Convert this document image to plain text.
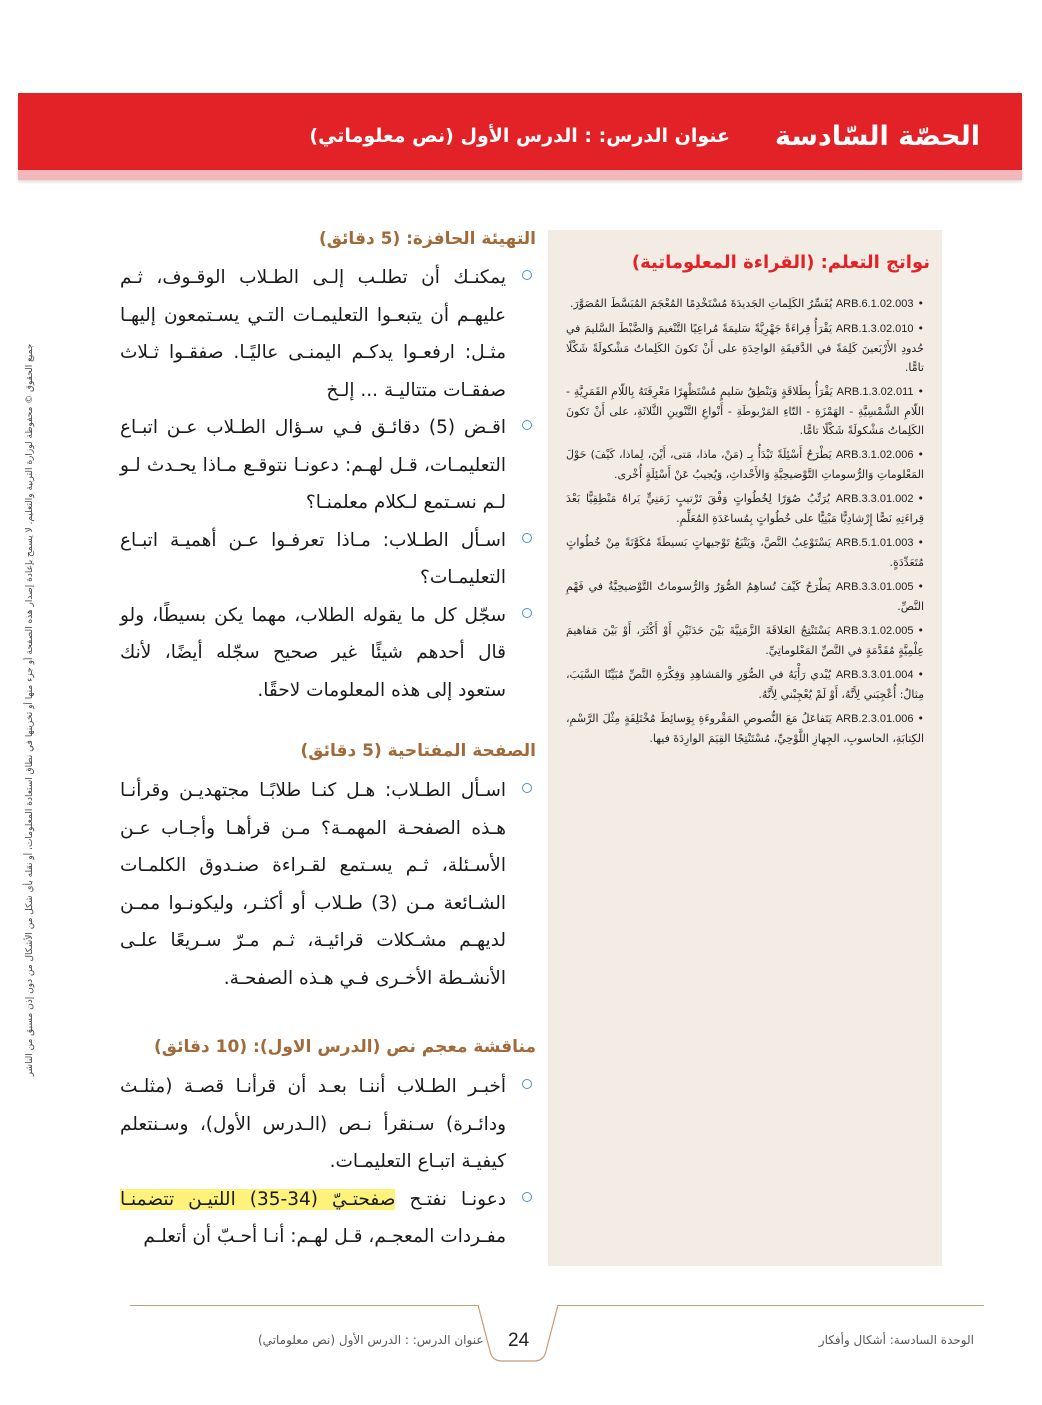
الحصّة السّادسة
عنوان الدرس: : الدرس الأول (نص معلوماتي)
جميع الحقوق © محفوظة لوزارة التربية والتعليم. لا يسمح بإعادة إصدار هذه الصفحة أو جزء منها أو تخزينها في نطاق استعادة المعلومات، أو نقله بأي شكل من الأشكال من دون إذن مسبق من الناشر
نواتج التعلم: (القراءة المعلوماتية)
•ARB.6.1.02.003 يُفَسِّرُ الكَلِماتِ الجَديدَةَ مُسْتَخْدِمًا المُعْجَمَ المُبَسَّطَ المُصَوَّرَ.
•ARB.1.3.02.010 يَقْرَأُ قِراءَةً جَهْرِيَّةً سَليمَةً مُراعِيًا التَّنْغيمَ وَالضَّبْطَ السَّليمَ في حُدودِ الأَرْبَعينَ كَلِمَةً في الدَّقيقَةِ الواحِدَةِ على أَنْ تَكونَ الكَلِماتُ مَشْكولَةً شَكْلًا تامًّا.
•ARB.1.3.02.011 يَقْرَأُ بِطَلاقَةٍ وَيَنْطِقُ سَليمٍ مُسْتَظْهِرًا مَعْرِفَتَهُ بِاللّامِ القَمَرِيَّةِ - اللّامِ الشَّمْسِيَّةِ - الهَمْزَةِ - التّاءِ المَرْبوطَةِ - أَنْواعِ التَّنْوينِ الثَّلاثَةِ، على أَنْ تَكونَ الكَلِماتُ مَشْكولَةً شَكْلًا تامًّا.
•ARB.3.1.02.006 يَطْرَحُ أَسْئِلَةً تَبْدَأُ بِـ (مَنْ، ماذا، مَتى، أَيْنَ، لِماذا، كَيْفَ) حَوْلَ المَعْلوماتِ وَالرُّسوماتِ التَّوْضيحِيَّةِ وَالأَحْداثِ، وَيُجيبُ عَنْ أَسْئِلَةٍ أُخْرى.
•ARB.3.3.01.002 يُرَتِّبُ صُوَرًا لِخُطُواتٍ وَفْقَ تَرْتيبٍ زَمَنِيٍّ يَراهُ مَنْطِقِيًّا بَعْدَ قِراءَتِهِ نَصًّا إِرْشادِيًّا مَبْنِيًّا على خُطُواتٍ بِمُساعَدَةِ المُعَلِّمِ.
•ARB.5.1.01.003 يَسْتَوْعِبُ النَّصَّ، وَيَتْبَعُ تَوْجيهاتٍ بَسيطَةً مُكَوَّنَةً مِنْ خُطُواتٍ مُتَعَدِّدَةٍ.
•ARB.3.3.01.005 يَطْرَحُ كَيْفَ تُساهِمُ الصُّوَرُ وَالرُّسوماتُ التَّوْضيحِيَّةُ في فَهْمِ النَّصِّ.
•ARB.3.1.02.005 يَسْتَنْتِجُ العَلاقَةَ الزَّمَنِيَّةَ بَيْنَ حَدَثَيْنِ أَوْ أَكْثَرَ، أَوْ بَيْنَ مَفاهيمَ عِلْمِيَّةٍ مُقَدَّمَةٍ في النَّصِّ المَعْلوماتِيِّ.
•ARB.3.3.01.004 يُبْدي رَأْيَهُ في الصُّوَرِ وَالمَشاهِدِ وَفِكْرَةِ النَّصِّ مُبَيِّنًا السَّبَبَ، مِثالٌ: أُعْجِبَني لِأَنَّهُ، أَوْ لَمْ يُعْجِبْني لِأَنَّهُ.
•ARB.2.3.01.006 يَتَفاعَلُ مَعَ النُّصوصِ المَقْروءَةِ بِوَسائِطَ مُخْتَلِفَةٍ مِثْلَ الرَّسْمِ، الكِتابَةِ، الحاسوبِ، الجِهازِ اللَّوْحِيِّ، مُسْتَنْتِجًا القِيَمَ الوارِدَةَ فيها.
التهيئة الحافزة: (5 دقائق)
يمكنـك أن تطلـب إلـى الطـلاب الوقـوف، ثـم عليهـم أن يتبعـوا التعليمـات التـي يسـتمعون إليهـا مثـل: ارفعـوا يدكـم اليمنـى عاليًـا. صفقـوا ثـلاث صفقـات متتاليـة ... إلـخ
اقـض (5) دقائـق فـي سـؤال الطـلاب عـن اتبـاع التعليمـات، قـل لهـم: دعونـا نتوقـع مـاذا يحـدث لـو لـم نسـتمع لـكلام معلمنـا؟
اسـأل الطـلاب: مـاذا تعرفـوا عـن أهميـة اتبـاع التعليمـات؟
سجّل كل ما يقوله الطلاب، مهما يكن بسيطًا، ولو قال أحدهم شيئًا غير صحيح سجّله أيضًا، لأنك ستعود إلى هذه المعلومات لاحقًا.
الصفحة المفتاحية (5 دقائق)
اسـأل الطـلاب: هـل كنـا طلابًـا مجتهديـن وقرأنـا هـذه الصفحـة المهمـة؟ مـن قرأهـا وأجـاب عـن الأسـئلة، ثـم يسـتمع لقـراءة صنـدوق الكلمـات الشـائعة مـن (3) طـلاب أو أكثـر، وليكونـوا ممـن لديهـم مشـكلات قرائيـة، ثـم مـرّ سـريعًا علـى الأنشـطة الأخـرى فـي هـذه الصفحـة.
مناقشة معجم نص (الدرس الاول): (10 دقائق)
أخبـر الطـلاب أننـا بعـد أن قرأنـا قصـة (مثلـث ودائـرة) سـنقرأ نـص (الـدرس الأول)، وسـنتعلم كيفيـة اتبـاع التعليمـات.
دعونـا نفتـح صفحتـيّ (34-35) اللتيـن تتضمنـا مفـردات المعجـم، قـل لهـم: أنـا أحـبّ أن أتعلـم
24
عنوان الدرس: : الدرس الأول (نص معلوماتي)	الوحدة السادسة: أشكال وأفكار
